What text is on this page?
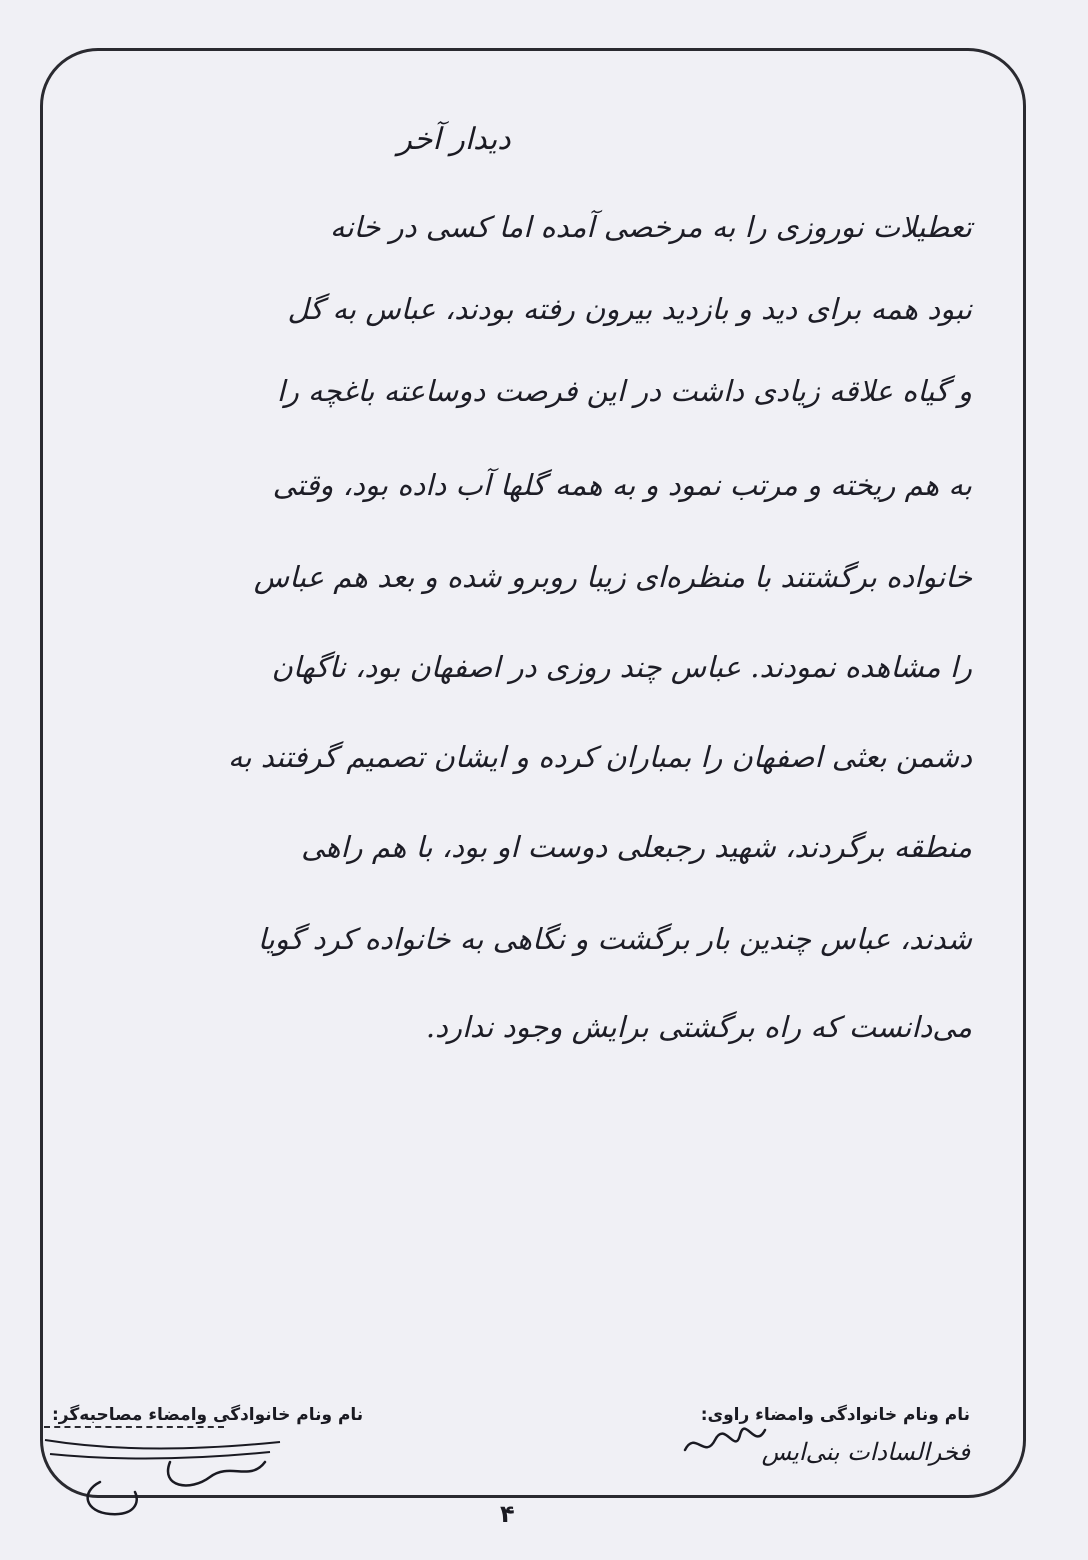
دیدار آخر
تعطیلات نوروزی را به مرخصی آمده اما کسی در خانه
نبود همه برای دید و بازدید بیرون رفته بودند، عباس به گل
و گیاه علاقه زیادی داشت در این فرصت دوساعته باغچه را
به هم ریخته و مرتب نمود و به همه گلها آب داده بود، وقتی
خانواده برگشتند با منظره‌ای زیبا روبرو شده و بعد هم عباس
را مشاهده نمودند. عباس چند روزی در اصفهان بود، ناگهان
دشمن بعثی اصفهان را بمباران کرده و ایشان تصمیم گرفتند به
منطقه برگردند، شهید رجبعلی دوست او بود، با هم راهی
شدند، عباس چندین بار برگشت و نگاهی به خانواده کرد گویا
می‌دانست که راه برگشتی برایش وجود ندارد.
نام ونام خانوادگی وامضاء راوی:
فخرالسادات بنی‌ایس
نام ونام خانوادگی وامضاء مصاحبه‌گر:
۴
